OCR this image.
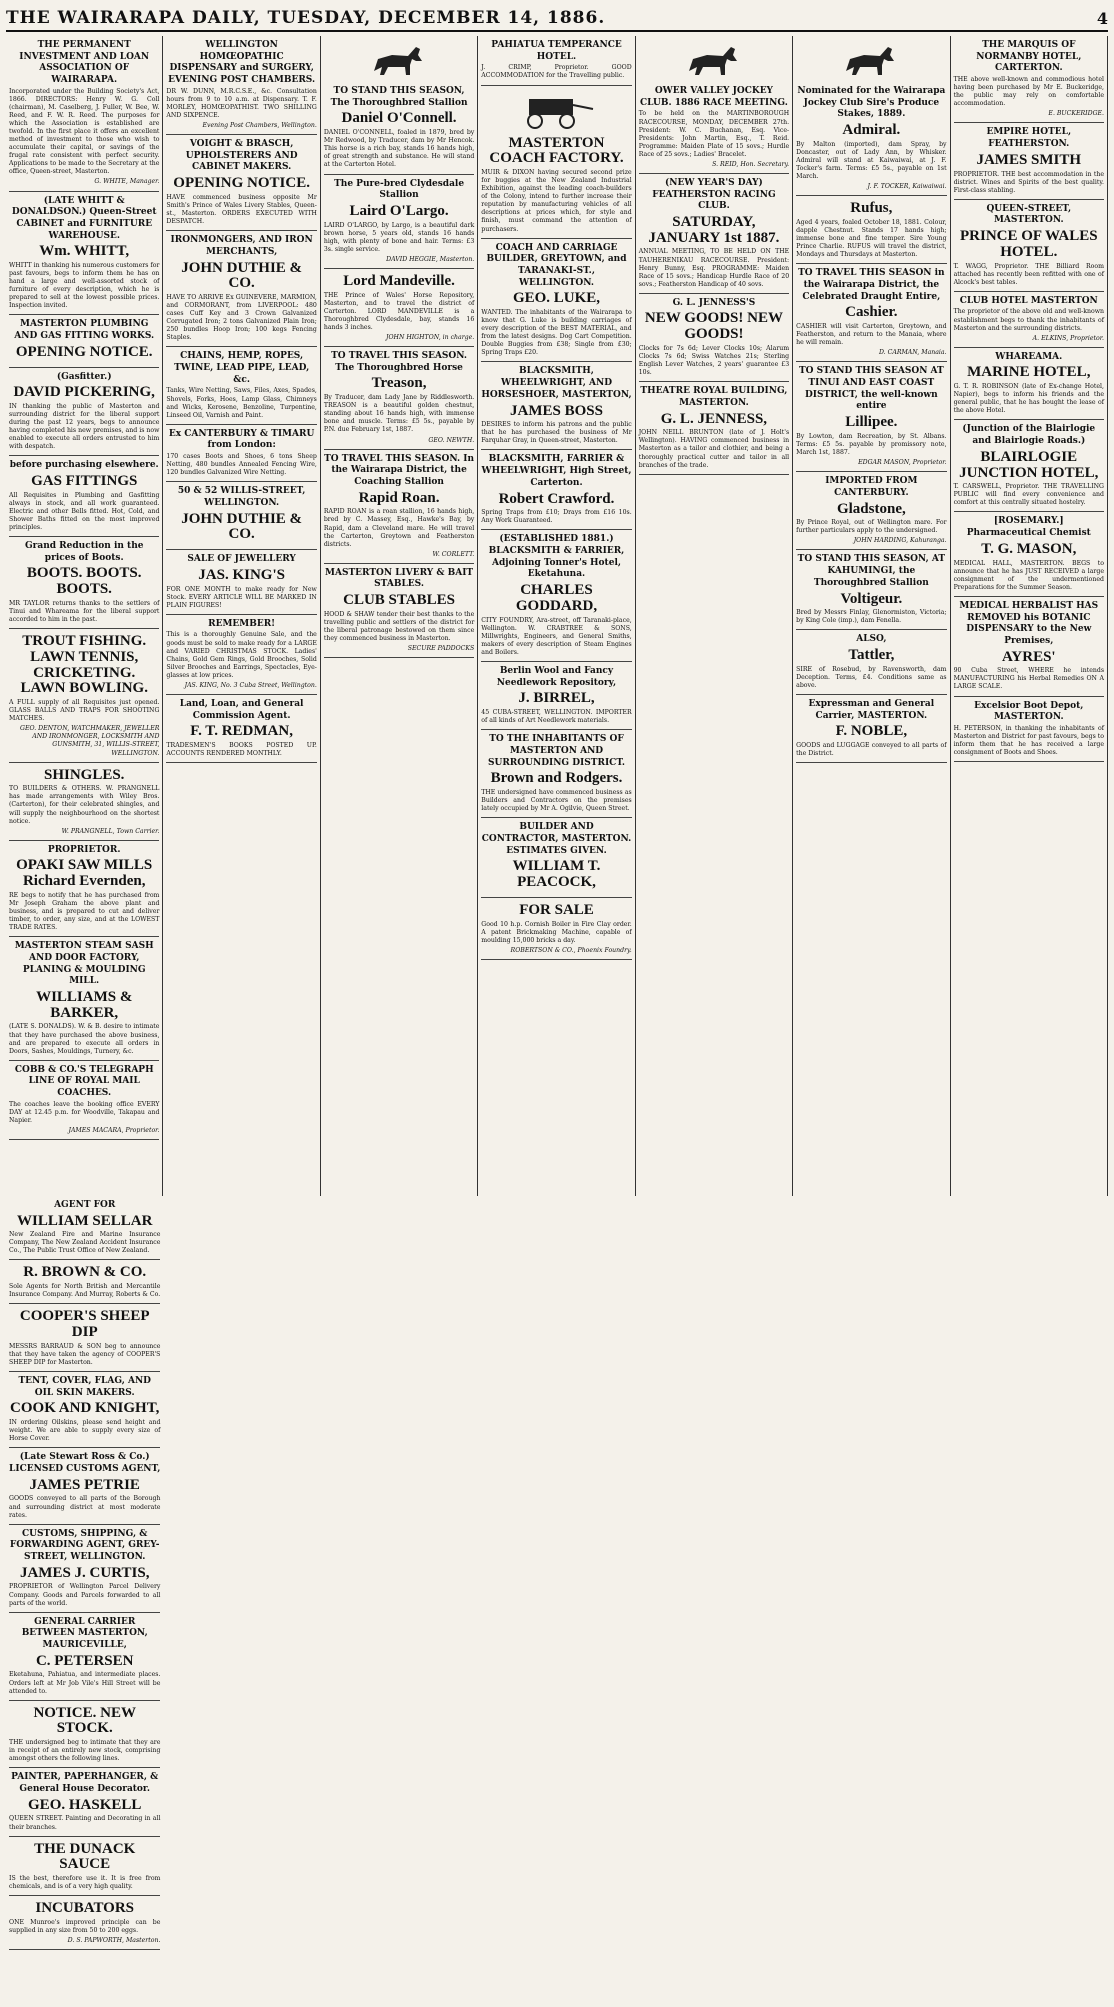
THE WAIRARAPA DAILY, TUESDAY, DECEMBER 14, 1886.	4
THE PERMANENT INVESTMENT AND LOAN ASSOCIATION OF WAIRARAPA.
Incorporated under the Building Society's Act, 1866. DIRECTORS: Henry W. G. Coll (chairman), M. Caselberg, J. Fuller, W. Bee, W. Reed, and F. W. R. Reed. The purposes for which the Association is established are twofold. In the first place it offers an excellent method of investment to those who wish to accumulate their capital, or savings of the frugal rate consistent with perfect security. Applications to be made to the Secretary at the office, Queen-street, Masterton.
G. WHITE, Manager.
(LATE WHITT & DONALDSON.) Queen-Street CABINET and FURNITURE WAREHOUSE.
Wm. WHITT,
WHITT in thanking his numerous customers for past favours, begs to inform them he has on hand a large and well-assorted stock of furniture of every description, which he is prepared to sell at the lowest possible prices. Inspection invited.
MASTERTON PLUMBING AND GAS FITTING WORKS.
OPENING NOTICE.
(Gasfitter.)
DAVID PICKERING,
IN thanking the public of Masterton and surrounding district for the liberal support during the past 12 years, begs to announce having completed his new premises, and is now enabled to execute all orders entrusted to him with despatch.
before purchasing elsewhere.
GAS FITTINGS
All Requisites in Plumbing and Gasfitting always in stock, and all work guaranteed. Electric and other Bells fitted. Hot, Cold, and Shower Baths fitted on the most improved principles.
Grand Reduction in the prices of Boots.
BOOTS. BOOTS. BOOTS.
MR TAYLOR returns thanks to the settlers of Tinui and Whareama for the liberal support accorded to him in the past.
TROUT FISHING. LAWN TENNIS, CRICKETING. LAWN BOWLING.
A FULL supply of all Requisites just opened. GLASS BALLS AND TRAPS FOR SHOOTING MATCHES.
GEO. DENTON, WATCHMAKER, JEWELLER AND IRONMONGER, LOCKSMITH AND GUNSMITH, 31, WILLIS-STREET, WELLINGTON.
SHINGLES.
TO BUILDERS & OTHERS. W. PRANGNELL has made arrangements with Wiley Bros. (Carterton), for their celebrated shingles, and will supply the neighbourhood on the shortest notice.
W. PRANGNELL, Town Carrier.
PROPRIETOR.
OPAKI SAW MILLS Richard Evernden,
RE begs to notify that he has purchased from Mr Joseph Graham the above plant and business, and is prepared to cut and deliver timber, to order, any size, and at the LOWEST TRADE RATES.
MASTERTON STEAM SASH AND DOOR FACTORY, PLANING & MOULDING MILL.
WILLIAMS & BARKER,
(LATE S. DONALDS). W. & B. desire to intimate that they have purchased the above business, and are prepared to execute all orders in Doors, Sashes, Mouldings, Turnery, &c.
COBB & CO.'S TELEGRAPH LINE OF ROYAL MAIL COACHES.
The coaches leave the booking office EVERY DAY at 12.45 p.m. for Woodville, Takapau and Napier.
JAMES MACARA, Proprietor.
WELLINGTON HOMŒOPATHIC DISPENSARY and SURGERY, EVENING POST CHAMBERS.
DR W. DUNN, M.R.C.S.E., &c. Consultation hours from 9 to 10 a.m. at Dispensary. T. F. MORLEY, HOMŒOPATHIST. TWO SHILLING AND SIXPENCE.
Evening Post Chambers, Wellington.
VOIGHT & BRASCH, UPHOLSTERERS AND CABINET MAKERS.
OPENING NOTICE.
HAVE commenced business opposite Mr Smith's Prince of Wales Livery Stables, Queen-st., Masterton. ORDERS EXECUTED WITH DESPATCH.
IRONMONGERS, AND IRON MERCHANTS,
JOHN DUTHIE & CO.
HAVE TO ARRIVE Ex GUINEVERE, MARMION, and CORMORANT, from LIVERPOOL: 480 cases Cuff Key and 3 Crown Galvanized Corrugated Iron; 2 tons Galvanized Plain Iron; 250 bundles Hoop Iron; 100 kegs Fencing Staples.
CHAINS, HEMP, ROPES, TWINE, LEAD PIPE, LEAD, &c.
Tanks, Wire Netting, Saws, Files, Axes, Spades, Shovels, Forks, Hoes, Lamp Glass, Chimneys and Wicks, Kerosene, Benzoline, Turpentine, Linseed Oil, Varnish and Paint.
Ex CANTERBURY & TIMARU from London:
170 cases Boots and Shoes, 6 tons Sheep Netting, 480 bundles Annealed Fencing Wire, 120 bundles Galvanized Wire Netting.
50 & 52 WILLIS-STREET, WELLINGTON.
JOHN DUTHIE & CO.
SALE OF JEWELLERY
JAS. KING'S
FOR ONE MONTH to make ready for New Stock. EVERY ARTICLE WILL BE MARKED IN PLAIN FIGURES!
REMEMBER!
This is a thoroughly Genuine Sale, and the goods must be sold to make ready for a LARGE and VARIED CHRISTMAS STOCK. Ladies' Chains, Gold Gem Rings, Gold Brooches, Solid Silver Brooches and Earrings, Spectacles, Eye-glasses at low prices.
JAS. KING, No. 3 Cuba Street, Wellington.
Land, Loan, and General Commission Agent.
F. T. REDMAN,
TRADESMEN'S BOOKS POSTED UP. ACCOUNTS RENDERED MONTHLY.
TO STAND THIS SEASON, The Thoroughbred Stallion
Daniel O'Connell.
DANIEL O'CONNELL, foaled in 1879, bred by Mr Redwood, by Traducer, dam by Mr Hencok. This horse is a rich bay, stands 16 hands high, of great strength and substance. He will stand at the Carterton Hotel.
The Pure-bred Clydesdale Stallion
Laird O'Largo.
LAIRD O'LARGO, by Largo, is a beautiful dark brown horse, 5 years old, stands 16 hands high, with plenty of bone and hair. Terms: £3 3s. single service.
DAVID HEGGIE, Masterton.
Lord Mandeville.
THE Prince of Wales' Horse Repository, Masterton, and to travel the district of Carterton. LORD MANDEVILLE is a Thoroughbred Clydesdale, bay, stands 16 hands 3 inches.
JOHN HIGHTON, in charge.
TO TRAVEL THIS SEASON. The Thoroughbred Horse
Treason,
By Traducer, dam Lady Jane by Riddlesworth. TREASON is a beautiful golden chestnut, standing about 16 hands high, with immense bone and muscle. Terms: £5 5s., payable by P.N. due February 1st, 1887.
GEO. NEWTH.
TO TRAVEL THIS SEASON. In the Wairarapa District, the Coaching Stallion
Rapid Roan.
RAPID ROAN is a roan stallion, 16 hands high, bred by C. Massey, Esq., Hawke's Bay, by Rapid, dam a Cleveland mare. He will travel the Carterton, Greytown and Featherston districts.
W. CORLETT.
MASTERTON LIVERY & BAIT STABLES.
CLUB STABLES
HOOD & SHAW tender their best thanks to the travelling public and settlers of the district for the liberal patronage bestowed on them since they commenced business in Masterton.
SECURE PADDOCKS
PAHIATUA TEMPERANCE HOTEL.
J. CRIMP, Proprietor. GOOD ACCOMMODATION for the Travelling public.
MASTERTON COACH FACTORY.
MUIR & DIXON having secured second prize for buggies at the New Zealand Industrial Exhibition, against the leading coach-builders of the Colony, intend to further increase their reputation by manufacturing vehicles of all descriptions at prices which, for style and finish, must command the attention of purchasers.
COACH AND CARRIAGE BUILDER, GREYTOWN, and TARANAKI-ST., WELLINGTON.
GEO. LUKE,
WANTED. The inhabitants of the Wairarapa to know that G. Luke is building carriages of every description of the BEST MATERIAL, and from the latest designs. Dog Cart Competition. Double Buggies from £38; Single from £30; Spring Traps £20.
BLACKSMITH, WHEELWRIGHT, AND HORSESHOER, MASTERTON,
JAMES BOSS
DESIRES to inform his patrons and the public that he has purchased the business of Mr Farquhar Gray, in Queen-street, Masterton.
BLACKSMITH, FARRIER & WHEELWRIGHT, High Street, Carterton.
Robert Crawford.
Spring Traps from £10; Drays from £16 10s. Any Work Guaranteed.
(ESTABLISHED 1881.) BLACKSMITH & FARRIER, Adjoining Tonner's Hotel, Eketahuna.
CHARLES GODDARD,
CITY FOUNDRY, Ara-street, off Taranaki-place, Wellington. W. CRABTREE & SONS, Millwrights, Engineers, and General Smiths, makers of every description of Steam Engines and Boilers.
Berlin Wool and Fancy Needlework Repository,
J. BIRREL,
45 CUBA-STREET, WELLINGTON. IMPORTER of all kinds of Art Needlework materials.
TO THE INHABITANTS OF MASTERTON AND SURROUNDING DISTRICT.
Brown and Rodgers.
THE undersigned have commenced business as Builders and Contractors on the premises lately occupied by Mr A. Ogilvie, Queen Street.
BUILDER AND CONTRACTOR, MASTERTON. ESTIMATES GIVEN.
WILLIAM T. PEACOCK,
FOR SALE
Good 10 h.p. Cornish Boiler in Fire Clay order. A patent Brickmaking Machine, capable of moulding 15,000 bricks a day.
ROBERTSON & CO., Phoenix Foundry.
OWER VALLEY JOCKEY CLUB. 1886 RACE MEETING.
To be held on the MARTINBOROUGH RACECOURSE, MONDAY, DECEMBER 27th. President: W. C. Buchanan, Esq. Vice-Presidents: John Martin, Esq., T. Reid. Programme: Maiden Plate of 15 sovs.; Hurdle Race of 25 sovs.; Ladies' Bracelet.
S. REID, Hon. Secretary.
(NEW YEAR'S DAY) FEATHERSTON RACING CLUB.
SATURDAY, JANUARY 1st 1887.
ANNUAL MEETING, TO BE HELD ON THE TAUHERENIKAU RACECOURSE. President: Henry Bunny, Esq. PROGRAMME: Maiden Race of 15 sovs.; Handicap Hurdle Race of 20 sovs.; Featherston Handicap of 40 sovs.
G. L. JENNESS'S
NEW GOODS! NEW GOODS!
Clocks for 7s 6d; Lever Clocks 10s; Alarum Clocks 7s 6d; Swiss Watches 21s; Sterling English Lever Watches, 2 years' guarantee £3 10s.
THEATRE ROYAL BUILDING, MASTERTON.
G. L. JENNESS,
JOHN NEILL BRUNTON (late of J. Holt's Wellington). HAVING commenced business in Masterton as a tailor and clothier, and being a thoroughly practical cutter and tailor in all branches of the trade.
Nominated for the Wairarapa Jockey Club Sire's Produce Stakes, 1889.
Admiral.
By Malton (imported), dam Spray, by Doncaster, out of Lady Ann, by Whisker. Admiral will stand at Kaiwaiwai, at J. F. Tocker's farm. Terms: £5 5s., payable on 1st March.
J. F. TOCKER, Kaiwaiwai.
Rufus,
Aged 4 years, foaled October 18, 1881. Colour, dapple Chestnut. Stands 17 hands high; immense bone and fine temper. Sire Young Prince Charlie. RUFUS will travel the district, Mondays and Thursdays at Masterton.
TO TRAVEL THIS SEASON in the Wairarapa District, the Celebrated Draught Entire,
Cashier.
CASHIER will visit Carterton, Greytown, and Featherston, and return to the Manaia, where he will remain.
D. CARMAN, Manaia.
TO STAND THIS SEASON AT TINUI AND EAST COAST DISTRICT, the well-known entire
Lillipee.
By Lowton, dam Recreation, by St. Albans. Terms: £5 5s. payable by promissory note, March 1st, 1887.
EDGAR MASON, Proprietor.
IMPORTED FROM CANTERBURY.
Gladstone,
By Prince Royal, out of Wellington mare. For further particulars apply to the undersigned.
JOHN HARDING, Kahuranga.
TO STAND THIS SEASON, AT KAHUMINGI, the Thoroughbred Stallion
Voltigeur.
Bred by Messrs Finlay, Glenormiston, Victoria; by King Cole (imp.), dam Fenella.
ALSO,
Tattler,
SIRE of Rosebud, by Ravensworth, dam Deception. Terms, £4. Conditions same as above.
Expressman and General Carrier, MASTERTON.
F. NOBLE,
GOODS and LUGGAGE conveyed to all parts of the District.
THE MARQUIS OF NORMANBY HOTEL, CARTERTON.
THE above well-known and commodious hotel having been purchased by Mr E. Buckeridge, the public may rely on comfortable accommodation.
E. BUCKERIDGE.
EMPIRE HOTEL, FEATHERSTON.
JAMES SMITH
PROPRIETOR. THE best accommodation in the district. Wines and Spirits of the best quality. First-class stabling.
QUEEN-STREET, MASTERTON.
PRINCE OF WALES HOTEL.
T. WAGG, Proprietor. THE Billiard Room attached has recently been refitted with one of Alcock's best tables.
CLUB HOTEL MASTERTON
The proprietor of the above old and well-known establishment begs to thank the inhabitants of Masterton and the surrounding districts.
A. ELKINS, Proprietor.
WHAREAMA.
MARINE HOTEL,
G. T. R. ROBINSON (late of Ex-change Hotel, Napier), begs to inform his friends and the general public, that he has bought the lease of the above Hotel.
(Junction of the Blairlogie and Blairlogie Roads.)
BLAIRLOGIE JUNCTION HOTEL,
T. CARSWELL, Proprietor. THE TRAVELLING PUBLIC will find every convenience and comfort at this centrally situated hostelry.
[ROSEMARY.] Pharmaceutical Chemist
T. G. MASON,
MEDICAL HALL, MASTERTON. BEGS to announce that he has JUST RECEIVED a large consignment of the undermentioned Preparations for the Summer Season.
MEDICAL HERBALIST HAS REMOVED his BOTANIC DISPENSARY to the New Premises,
AYRES'
90 Cuba Street, WHERE he intends MANUFACTURING his Herbal Remedies ON A LARGE SCALE.
Excelsior Boot Depot, MASTERTON.
H. PETERSON, in thanking the inhabitants of Masterton and District for past favours, begs to inform them that he has received a large consignment of Boots and Shoes.
AGENT FOR
WILLIAM SELLAR
New Zealand Fire and Marine Insurance Company, The New Zealand Accident Insurance Co., The Public Trust Office of New Zealand.
R. BROWN & CO.
Sole Agents for North British and Mercantile Insurance Company. And Murray, Roberts & Co.
COOPER'S SHEEP DIP
MESSRS BARRAUD & SON beg to announce that they have taken the agency of COOPER'S SHEEP DIP for Masterton.
TENT, COVER, FLAG, AND OIL SKIN MAKERS.
COOK AND KNIGHT,
IN ordering Oilskins, please send height and weight. We are able to supply every size of Horse Cover.
(Late Stewart Ross & Co.) LICENSED CUSTOMS AGENT,
JAMES PETRIE
GOODS conveyed to all parts of the Borough and surrounding district at most moderate rates.
CUSTOMS, SHIPPING, & FORWARDING AGENT, GREY-STREET, WELLINGTON.
JAMES J. CURTIS,
PROPRIETOR of Wellington Parcel Delivery Company. Goods and Parcels forwarded to all parts of the world.
GENERAL CARRIER BETWEEN MASTERTON, MAURICEVILLE,
C. PETERSEN
Eketahuna, Pahiatua, and intermediate places. Orders left at Mr Job Vile's Hill Street will be attended to.
NOTICE. NEW STOCK.
THE undersigned beg to intimate that they are in receipt of an entirely new stock, comprising amongst others the following lines.
PAINTER, PAPERHANGER, & General House Decorator.
GEO. HASKELL
QUEEN STREET. Painting and Decorating in all their branches.
THE DUNACK SAUCE
IS the best, therefore use it. It is free from chemicals, and is of a very high quality.
INCUBATORS
ONE Munroe's improved principle can be supplied in any size from 50 to 200 eggs.
D. S. PAPWORTH, Masterton.
